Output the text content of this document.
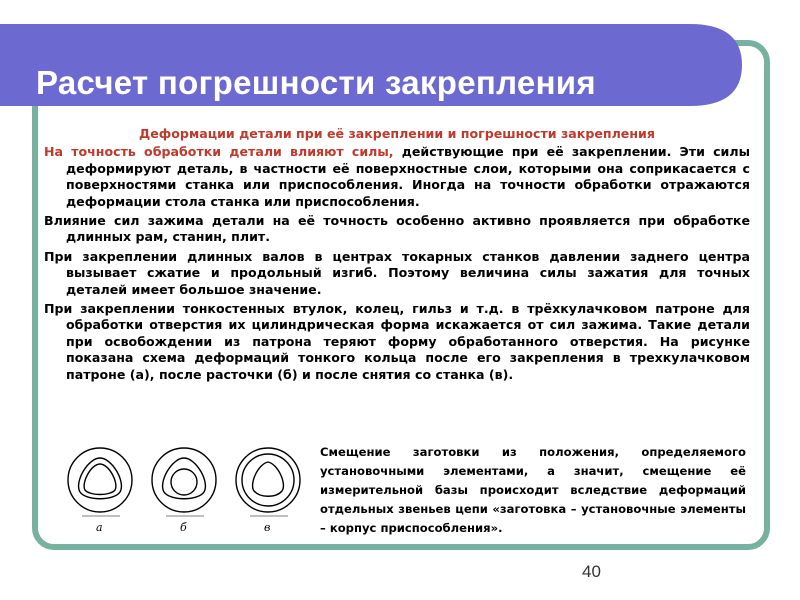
Расчет погрешности закрепления
Деформации детали при её закреплении и погрешности закрепления

На точность обработки детали влияют силы, действующие при её закреплении. Эти силы деформируют деталь, в частности её поверхностные слои, которыми она соприкасается с поверхностями станка или приспособления. Иногда на точности обработки отражаются деформации стола станка или приспособления.

Влияние сил зажима детали на её точность особенно активно проявляется при обработке длинных рам, станин, плит.

При закреплении длинных валов в центрах токарных станков давлении заднего центра вызывает сжатие и продольный изгиб. Поэтому величина силы зажатия для точных деталей имеет большое значение.

При закреплении тонкостенных втулок, колец, гильз и т.д. в трёхкулачковом патроне для обработки отверстия их цилиндрическая форма искажается от сил зажима. Такие детали при освобождении из патрона теряют форму обработанного отверстия. На рисунке показана схема деформаций тонкого кольца после его закрепления в трехкулачковом патроне (а), после расточки (б) и после снятия со станка (в).

а	б	в
Смещение заготовки из положения, определяемого установочными элементами, а значит, смещение её измерительной базы происходит вследствие деформаций отдельных звеньев цепи «заготовка – установочные элементы – корпус приспособления».
40
